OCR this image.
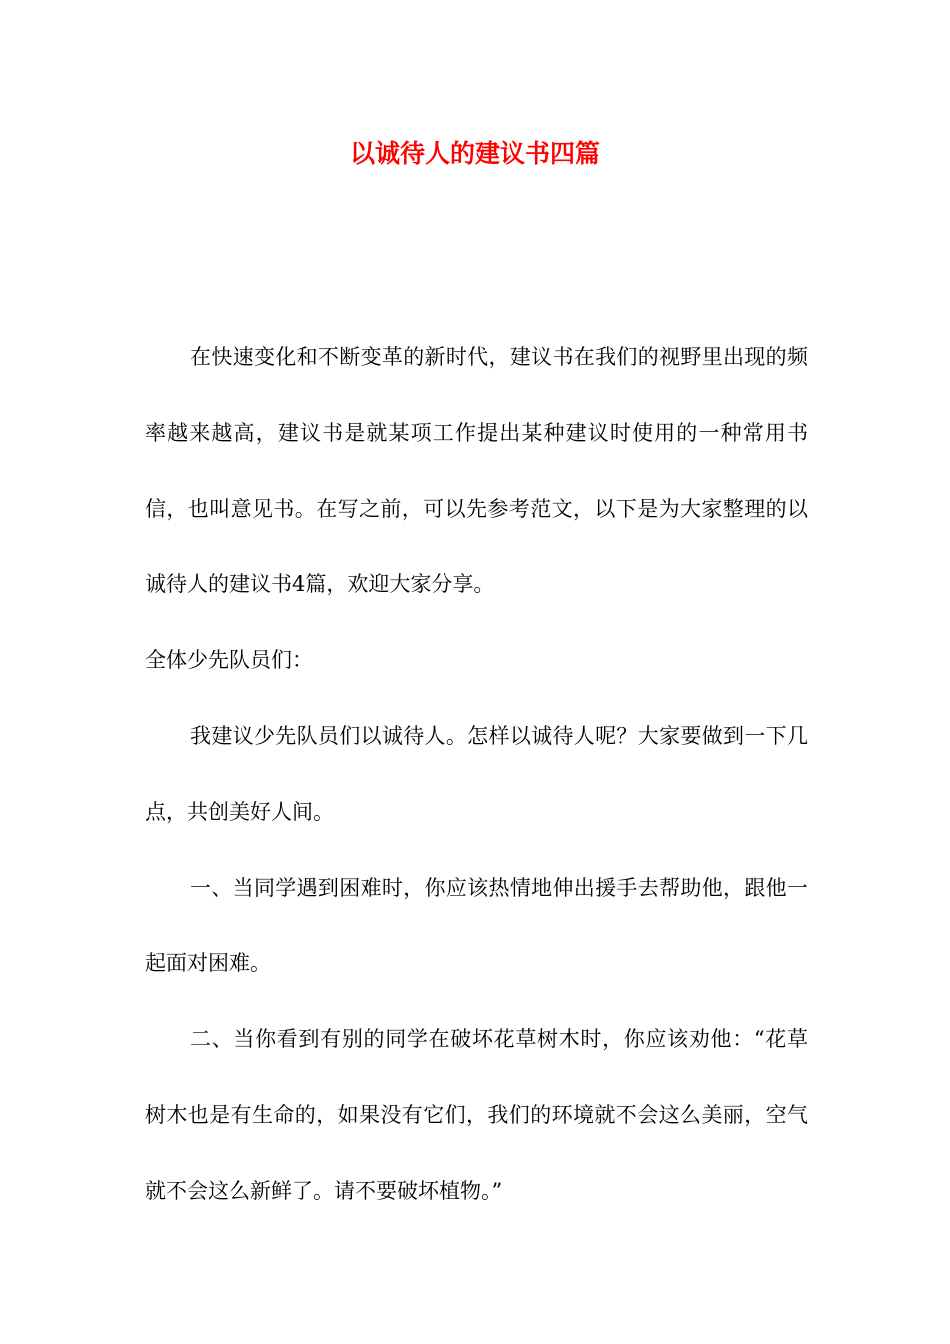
以诚待人的建议书四篇

在快速变化和不断变革的新时代，建议书在我们的视野里出现的频率越来越高，建议书是就某项工作提出某种建议时使用的一种常用书信，也叫意见书。在写之前，可以先参考范文，以下是为大家整理的以诚待人的建议书4篇，欢迎大家分享。

全体少先队员们：

我建议少先队员们以诚待人。怎样以诚待人呢？大家要做到一下几点，共创美好人间。

一、当同学遇到困难时，你应该热情地伸出援手去帮助他，跟他一起面对困难。

二、当你看到有别的同学在破坏花草树木时，你应该劝他：“花草树木也是有生命的，如果没有它们，我们的环境就不会这么美丽，空气就不会这么新鲜了。请不要破坏植物。”
